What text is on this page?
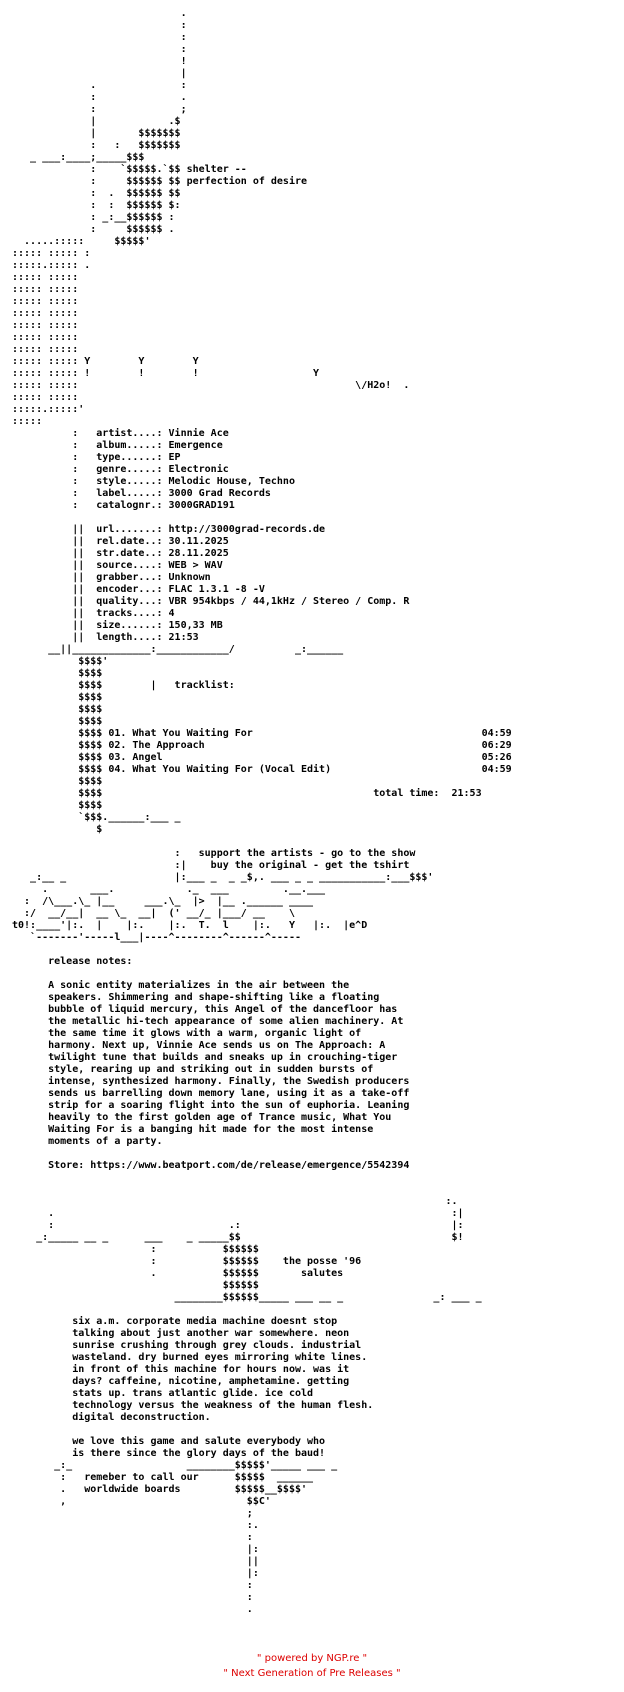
.
:
:
:
!
|
.              :
:              .
:              ;
|            .$
|       $$$$$$$
:   :   $$$$$$$
_ ___:____;_____$$$
:    `$$$$$.`$$ shelter --
:     $$$$$$ $$ perfection of desire
:  .  $$$$$$ $$
:  :  $$$$$$ $:
: _:__$$$$$$ :
:     $$$$$$ .
.....:::::     $$$$$'
::::: ::::: :
:::::.::::: .
::::: :::::
::::: :::::
::::: :::::
::::: :::::
::::: :::::
::::: :::::
::::: :::::
::::: ::::: Y        Y        Y
::::: ::::: !        !        !                   Y
::::: :::::                                              \/H2o!  .
::::: :::::
:::::.:::::'
:::::
:   artist....: Vinnie Ace
:   album.....: Emergence
:   type......: EP
:   genre.....: Electronic
:   style.....: Melodic House, Techno
:   label.....: 3000 Grad Records
:   catalognr.: 3000GRAD191

||  url.......: http://3000grad-records.de
||  rel.date..: 30.11.2025
||  str.date..: 28.11.2025
||  source....: WEB > WAV
||  grabber...: Unknown
||  encoder...: FLAC 1.3.1 -8 -V
||  quality...: VBR 954kbps / 44,1kHz / Stereo / Comp. R
||  tracks....: 4
||  size......: 150,33 MB
||  length....: 21:53
__||_____________:____________/          _:______
$$$$'
$$$$
$$$$        |   tracklist:
$$$$
$$$$
$$$$
$$$$ 01. What You Waiting For                                      04:59
$$$$ 02. The Approach                                              06:29
$$$$ 03. Angel                                                     05:26
$$$$ 04. What You Waiting For (Vocal Edit)                         04:59
$$$$
$$$$                                             total time:  21:53
$$$$
`$$$.______:___ _
$

:   support the artists - go to the show
:|    buy the original - get the tshirt
_:__ _                  |:___ _  _ _$,. ___ _ _ ___________:___$$$'
.       ___.            ._  ___         .__.___
:  /\___.\_ |__     ___.\_  |>  |__ .______ ____
:/  __/__|  __ \_  __|  (' __/_ |___/ __    \
t0!:____'|:.  |    |:.    |:.  T.  l    |:.   Y   |:.  |e^D
`-------'-----l___|----^--------^------^-----

release notes:

A sonic entity materializes in the air between the
speakers. Shimmering and shape-shifting like a floating
bubble of liquid mercury, this Angel of the dancefloor has
the metallic hi-tech appearance of some alien machinery. At
the same time it glows with a warm, organic light of
harmony. Next up, Vinnie Ace sends us on The Approach: A
twilight tune that builds and sneaks up in crouching-tiger
style, rearing up and striking out in sudden bursts of
intense, synthesized harmony. Finally, the Swedish producers
sends us barrelling down memory lane, using it as a take-off
strip for a soaring flight into the sun of euphoria. Leaning
heavily to the first golden age of Trance music, What You
Waiting For is a banging hit made for the most intense
moments of a party.

Store: https://www.beatport.com/de/release/emergence/5542394

:.
.                                                                  :|
:                             .:                                   |:
_:_____ __ _      ___    _ _____$$                                   $!
:           $$$$$$
:           $$$$$$    the posse '96
.           $$$$$$       salutes
$$$$$$
________$$$$$$_____ ___ __ _               _: ___ _

six a.m. corporate media machine doesnt stop
talking about just another war somewhere. neon
sunrise crushing through grey clouds. industrial
wasteland. dry burned eyes mirroring white lines.
in front of this machine for hours now. was it
days? caffeine, nicotine, amphetamine. getting
stats up. trans atlantic glide. ice cold
technology versus the weakness of the human flesh.
digital deconstruction.

we love this game and salute everybody who
is there since the glory days of the baud!
_:_                   ________$$$$$'_____ ___ _
:   remeber to call our      $$$$$  ______
.   worldwide boards         $$$$$__$$$$'
,                              $$C'
;
:.
:
|:
||
|:
:
:
.

" powered by NGP.re "
" Next Generation of Pre Releases "
